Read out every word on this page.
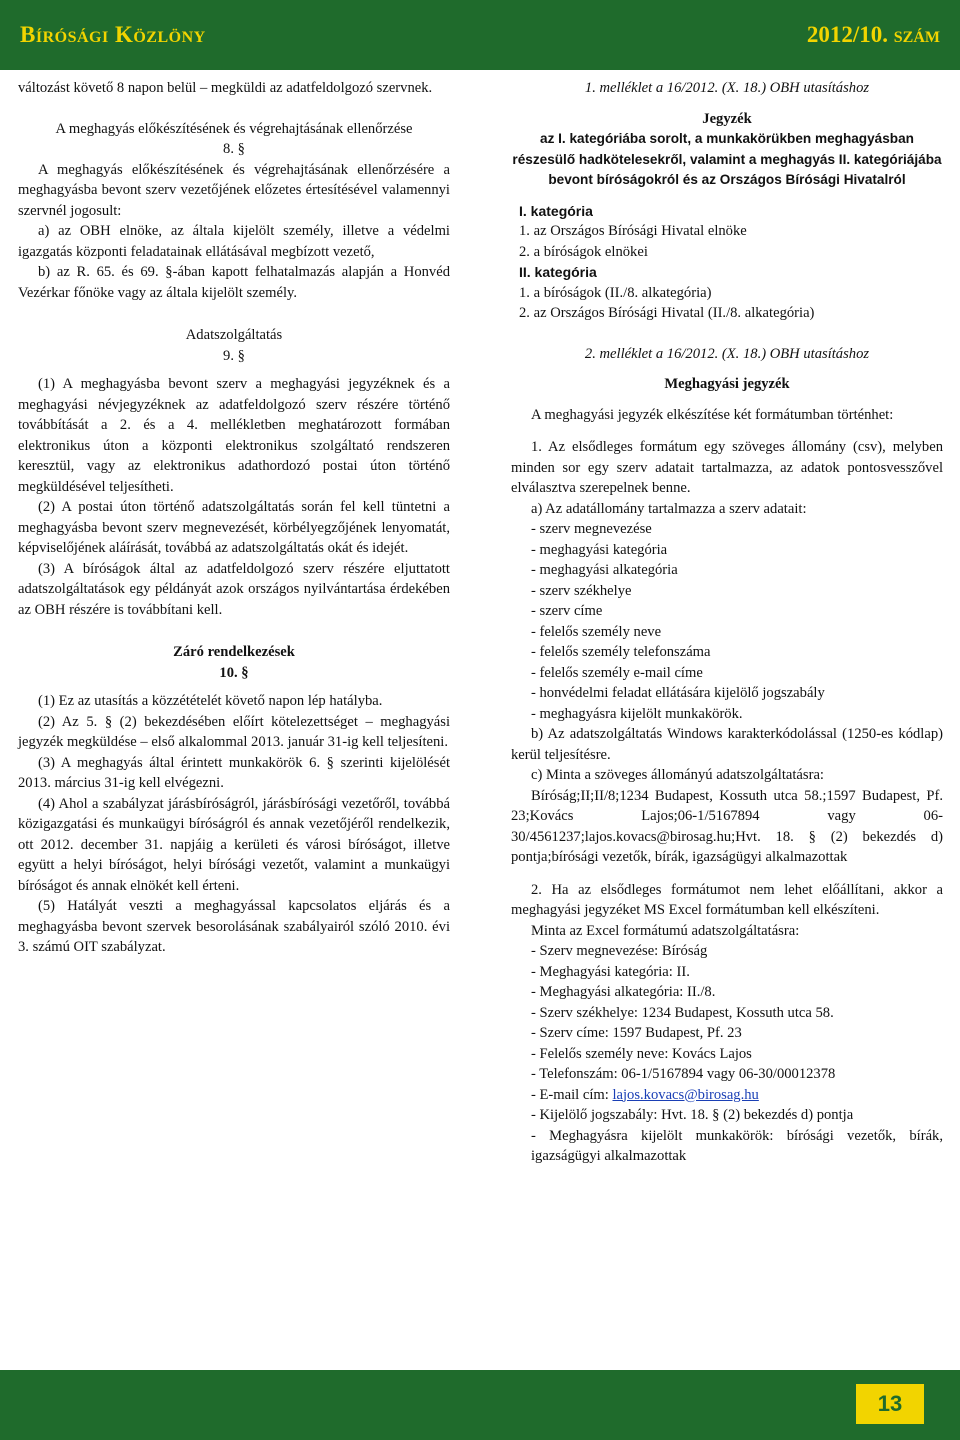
Bírósági Közlöny	2012/10. szám

változást követő 8 napon belül – megküldi az adatfeldolgozó szervnek.

A meghagyás előkészítésének és végrehajtásának ellenőrzése

8. §

A meghagyás előkészítésének és végrehajtásának ellenőrzésére a meghagyásba bevont szerv vezetőjének előzetes értesítésével valamennyi szervnél jogosult:

a) az OBH elnöke, az általa kijelölt személy, illetve a védelmi igazgatás központi feladatainak ellátásával megbízott vezető,

b) az R. 65. és 69. §-ában kapott felhatalmazás alapján a Honvéd Vezérkar főnöke vagy az általa kijelölt személy.

Adatszolgáltatás

9. §

(1) A meghagyásba bevont szerv a meghagyási jegyzéknek és a meghagyási névjegyzéknek az adatfeldolgozó szerv részére történő továbbítását a 2. és a 4. mellékletben meghatározott formában elektronikus úton a központi elektronikus szolgáltató rendszeren keresztül, vagy az elektronikus adathordozó postai úton történő megküldésével teljesítheti.

(2) A postai úton történő adatszolgáltatás során fel kell tüntetni a meghagyásba bevont szerv megnevezését, körbélyegzőjének lenyomatát, képviselőjének aláírását, továbbá az adatszolgáltatás okát és idejét.

(3) A bíróságok által az adatfeldolgozó szerv részére eljuttatott adatszolgáltatások egy példányát azok országos nyilvántartása érdekében az OBH részére is továbbítani kell.

Záró rendelkezések

10. §

(1) Ez az utasítás a közzétételét követő napon lép hatályba.

(2) Az 5. § (2) bekezdésében előírt kötelezettséget – meghagyási jegyzék megküldése – első alkalommal 2013. január 31-ig kell teljesíteni.

(3) A meghagyás által érintett munkakörök 6. § szerinti kijelölését 2013. március 31-ig kell elvégezni.

(4) Ahol a szabályzat járásbíróságról, járásbírósági vezetőről, továbbá közigazgatási és munkaügyi bíróságról és annak vezetőjéről rendelkezik, ott 2012. december 31. napjáig a kerületi és városi bíróságot, illetve együtt a helyi bíróságot, helyi bírósági vezetőt, valamint a munkaügyi bíróságot és annak elnökét kell érteni.

(5) Hatályát veszti a meghagyással kapcsolatos eljárás és a meghagyásba bevont szervek besorolásának szabályairól szóló 2010. évi 3. számú OIT szabályzat.

1. melléklet a 16/2012. (X. 18.) OBH utasításhoz

Jegyzék

az I. kategóriába sorolt, a munkakörükben meghagyásban részesülő hadkötelesekről, valamint a meghagyás II. kategóriájába bevont bíróságokról és az Országos Bírósági Hivatalról

I. kategória

1. az Országos Bírósági Hivatal elnöke

2. a bíróságok elnökei

II. kategória

1. a bíróságok (II./8. alkategória)

2. az Országos Bírósági Hivatal (II./8. alkategória)

2. melléklet a 16/2012. (X. 18.) OBH utasításhoz

Meghagyási jegyzék

A meghagyási jegyzék elkészítése két formátumban történhet:

1. Az elsődleges formátum egy szöveges állomány (csv), melyben minden sor egy szerv adatait tartalmazza, az adatok pontosvesszővel elválasztva szerepelnek benne.

a) Az adatállomány tartalmazza a szerv adatait:

- szerv megnevezése

- meghagyási kategória

- meghagyási alkategória

- szerv székhelye

- szerv címe

- felelős személy neve

- felelős személy telefonszáma

- felelős személy e-mail címe

- honvédelmi feladat ellátására kijelölő jogszabály

- meghagyásra kijelölt munkakörök.

b) Az adatszolgáltatás Windows karakterkódolással (1250-es kódlap) kerül teljesítésre.

c) Minta a szöveges állományú adatszolgáltatásra:

Bíróság;II;II/8;1234 Budapest, Kossuth utca 58.;1597 Budapest, Pf. 23;Kovács Lajos;06-1/5167894 vagy 06-30/4561237;lajos.kovacs@birosag.hu;Hvt. 18. § (2) bekezdés d) pontja;bírósági vezetők, bírák, igazságügyi alkalmazottak

2. Ha az elsődleges formátumot nem lehet előállítani, akkor a meghagyási jegyzéket MS Excel formátumban kell elkészíteni.

Minta az Excel formátumú adatszolgáltatásra:

- Szerv megnevezése: Bíróság

- Meghagyási kategória: II.

- Meghagyási alkategória: II./8.

- Szerv székhelye: 1234 Budapest, Kossuth utca 58.

- Szerv címe: 1597 Budapest, Pf. 23

- Felelős személy neve: Kovács Lajos

- Telefonszám: 06-1/5167894 vagy 06-30/00012378

- E-mail cím: lajos.kovacs@birosag.hu

- Kijelölő jogszabály: Hvt. 18. § (2) bekezdés d) pontja

- Meghagyásra kijelölt munkakörök: bírósági vezetők, bírák, igazságügyi alkalmazottak

13
